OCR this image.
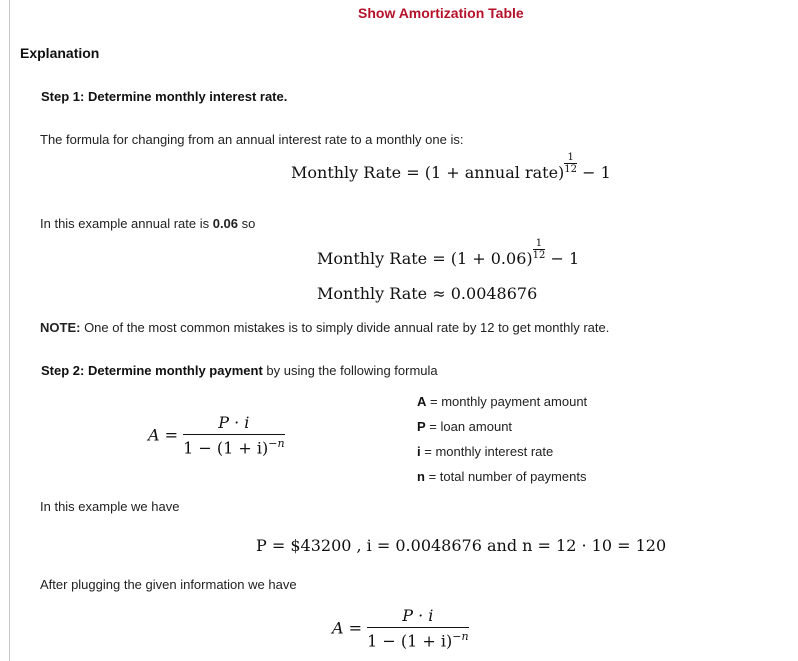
Show Amortization Table
Explanation
Step 1: Determine monthly interest rate.
The formula for changing from an annual interest rate to a monthly one is:
Monthly Rate = (1 + annual rate) $\frac{1}{12} - 1$
In this example annual rate is 0.06 so
Monthly Rate = $(1 + 0.06) \frac{1}{12} - 1$
Monthly Rate ≈ 0.0048676
NOTE: One of the most common mistakes is to simply divide annual rate by 12 to get monthly rate.
Step 2: Determine monthly payment by using the following formula
$A = \frac{P \cdot i}{1 - (1 + i)^{-n}}$
A = monthly payment amount
P = loan amount
i = monthly interest rate
n = total number of payments
In this example we have
P = $43200 , i = 0.0048676 and n = 12 · 10 = 120
After plugging the given information we have
$A = \frac{P \cdot i}{1 - (1 + i)^{-n}}$
